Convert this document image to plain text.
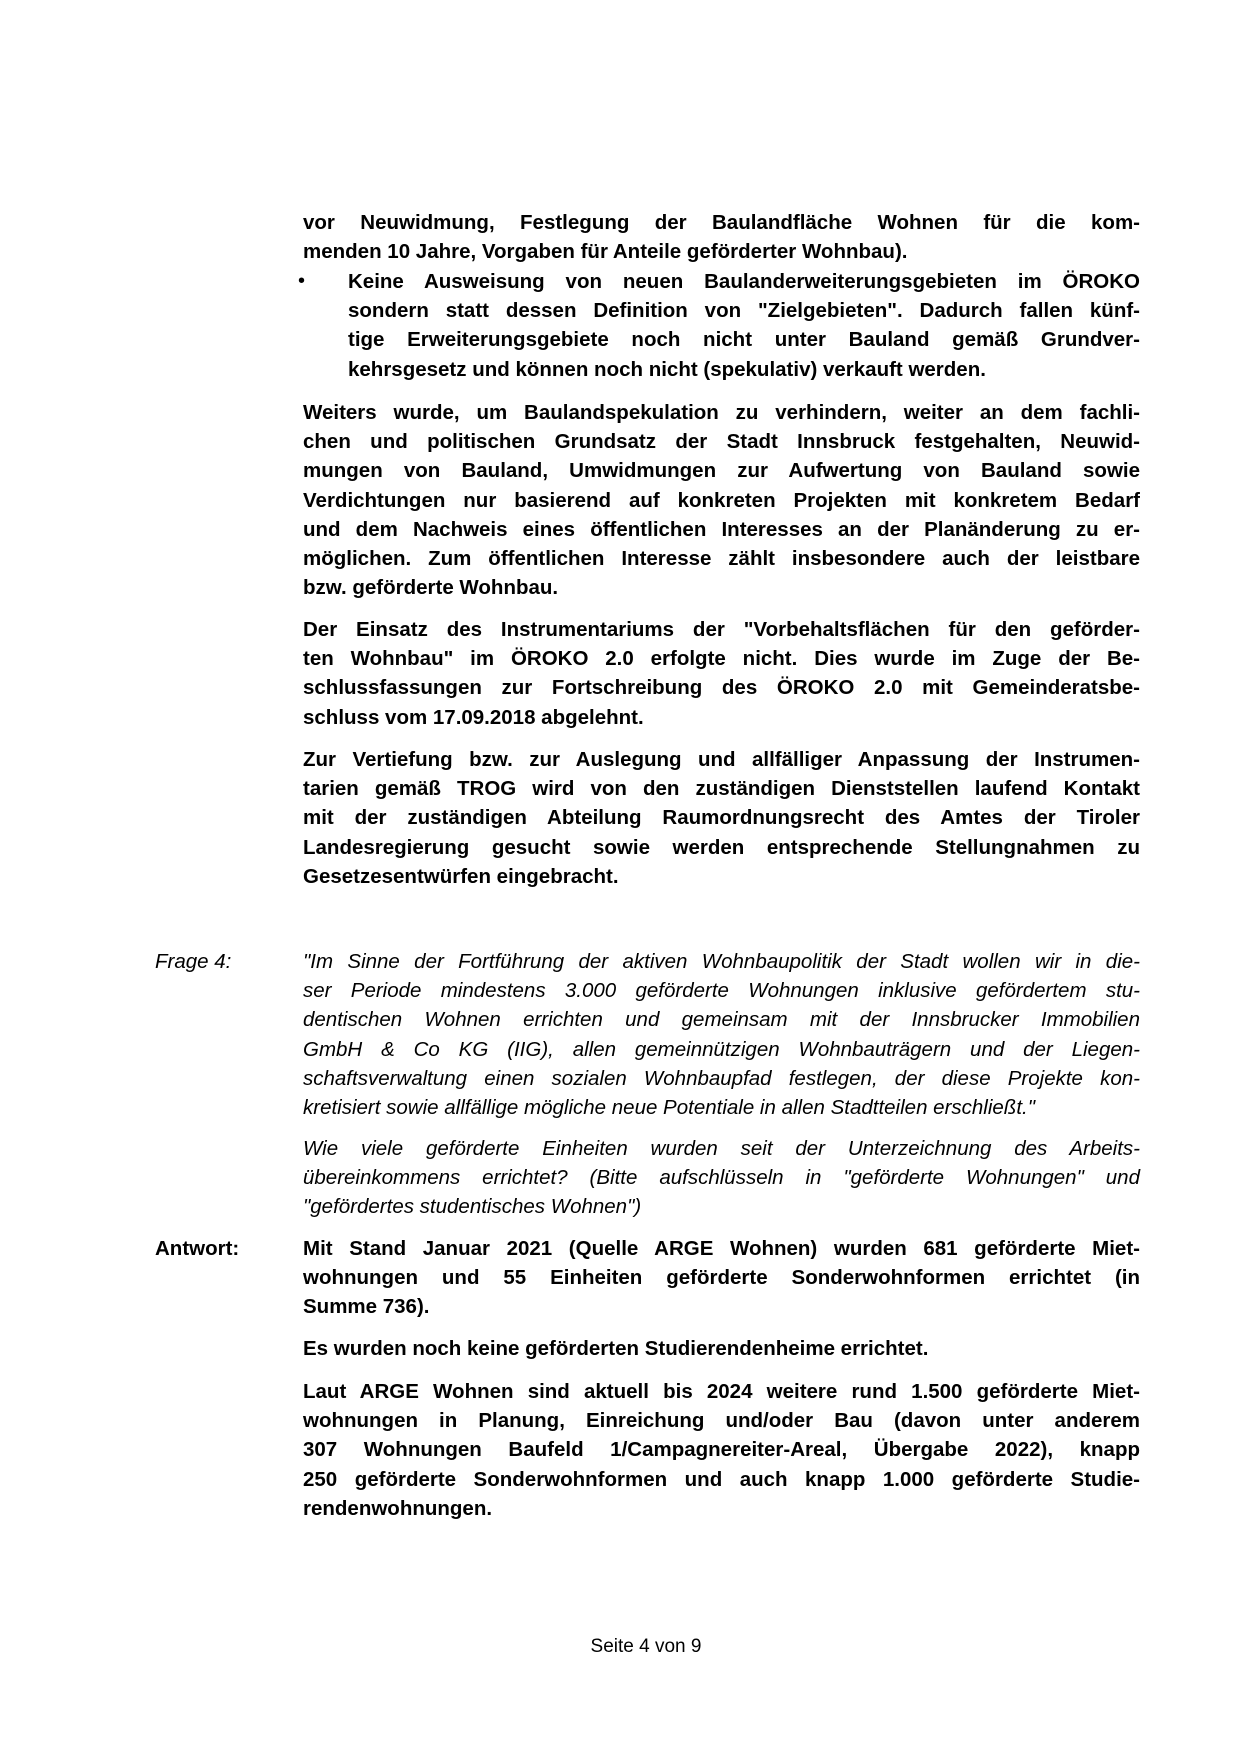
vor Neuwidmung, Festlegung der Baulandfläche Wohnen für die kom-
menden 10 Jahre, Vorgaben für Anteile geförderter Wohnbau).
• Keine Ausweisung von neuen Baulanderweiterungsgebieten im ÖROKO
sondern statt dessen Definition von "Zielgebieten". Dadurch fallen künf-
tige Erweiterungsgebiete noch nicht unter Bauland gemäß Grundver-
kehrsgesetz und können noch nicht (spekulativ) verkauft werden.
Weiters wurde, um Baulandspekulation zu verhindern, weiter an dem fachli-
chen und politischen Grundsatz der Stadt Innsbruck festgehalten, Neuwid-
mungen von Bauland, Umwidmungen zur Aufwertung von Bauland sowie
Verdichtungen nur basierend auf konkreten Projekten mit konkretem Bedarf
und dem Nachweis eines öffentlichen Interesses an der Planänderung zu er-
möglichen. Zum öffentlichen Interesse zählt insbesondere auch der leistbare
bzw. geförderte Wohnbau.
Der Einsatz des Instrumentariums der "Vorbehaltsflächen für den geförder-
ten Wohnbau" im ÖROKO 2.0 erfolgte nicht. Dies wurde im Zuge der Be-
schlussfassungen zur Fortschreibung des ÖROKO 2.0 mit Gemeinderatsbe-
schluss vom 17.09.2018 abgelehnt.
Zur Vertiefung bzw. zur Auslegung und allfälliger Anpassung der Instrumen-
tarien gemäß TROG wird von den zuständigen Dienststellen laufend Kontakt
mit der zuständigen Abteilung Raumordnungsrecht des Amtes der Tiroler
Landesregierung gesucht sowie werden entsprechende Stellungnahmen zu
Gesetzesentwürfen eingebracht.
Frage 4:	"Im Sinne der Fortführung der aktiven Wohnbaupolitik der Stadt wollen wir in die-
ser Periode mindestens 3.000 geförderte Wohnungen inklusive gefördertem stu-
dentischen Wohnen errichten und gemeinsam mit der Innsbrucker Immobilien
GmbH & Co KG (IIG), allen gemeinnützigen Wohnbauträgern und der Liegen-
schaftsverwaltung einen sozialen Wohnbaupfad festlegen, der diese Projekte kon-
kretisiert sowie allfällige mögliche neue Potentiale in allen Stadtteilen erschließt."
Wie viele geförderte Einheiten wurden seit der Unterzeichnung des Arbeits-
übereinkommens errichtet? (Bitte aufschlüsseln in "geförderte Wohnungen" und
"gefördertes studentisches Wohnen")
Antwort:	Mit Stand Januar 2021 (Quelle ARGE Wohnen) wurden 681 geförderte Miet-
wohnungen und 55 Einheiten geförderte Sonderwohnformen errichtet (in
Summe 736).
Es wurden noch keine geförderten Studierendenheime errichtet.
Laut ARGE Wohnen sind aktuell bis 2024 weitere rund 1.500 geförderte Miet-
wohnungen in Planung, Einreichung und/oder Bau (davon unter anderem
307 Wohnungen Baufeld 1/Campagnereiter-Areal, Übergabe 2022), knapp
250 geförderte Sonderwohnformen und auch knapp 1.000 geförderte Studie-
rendenwohnungen.
Seite 4 von 9
